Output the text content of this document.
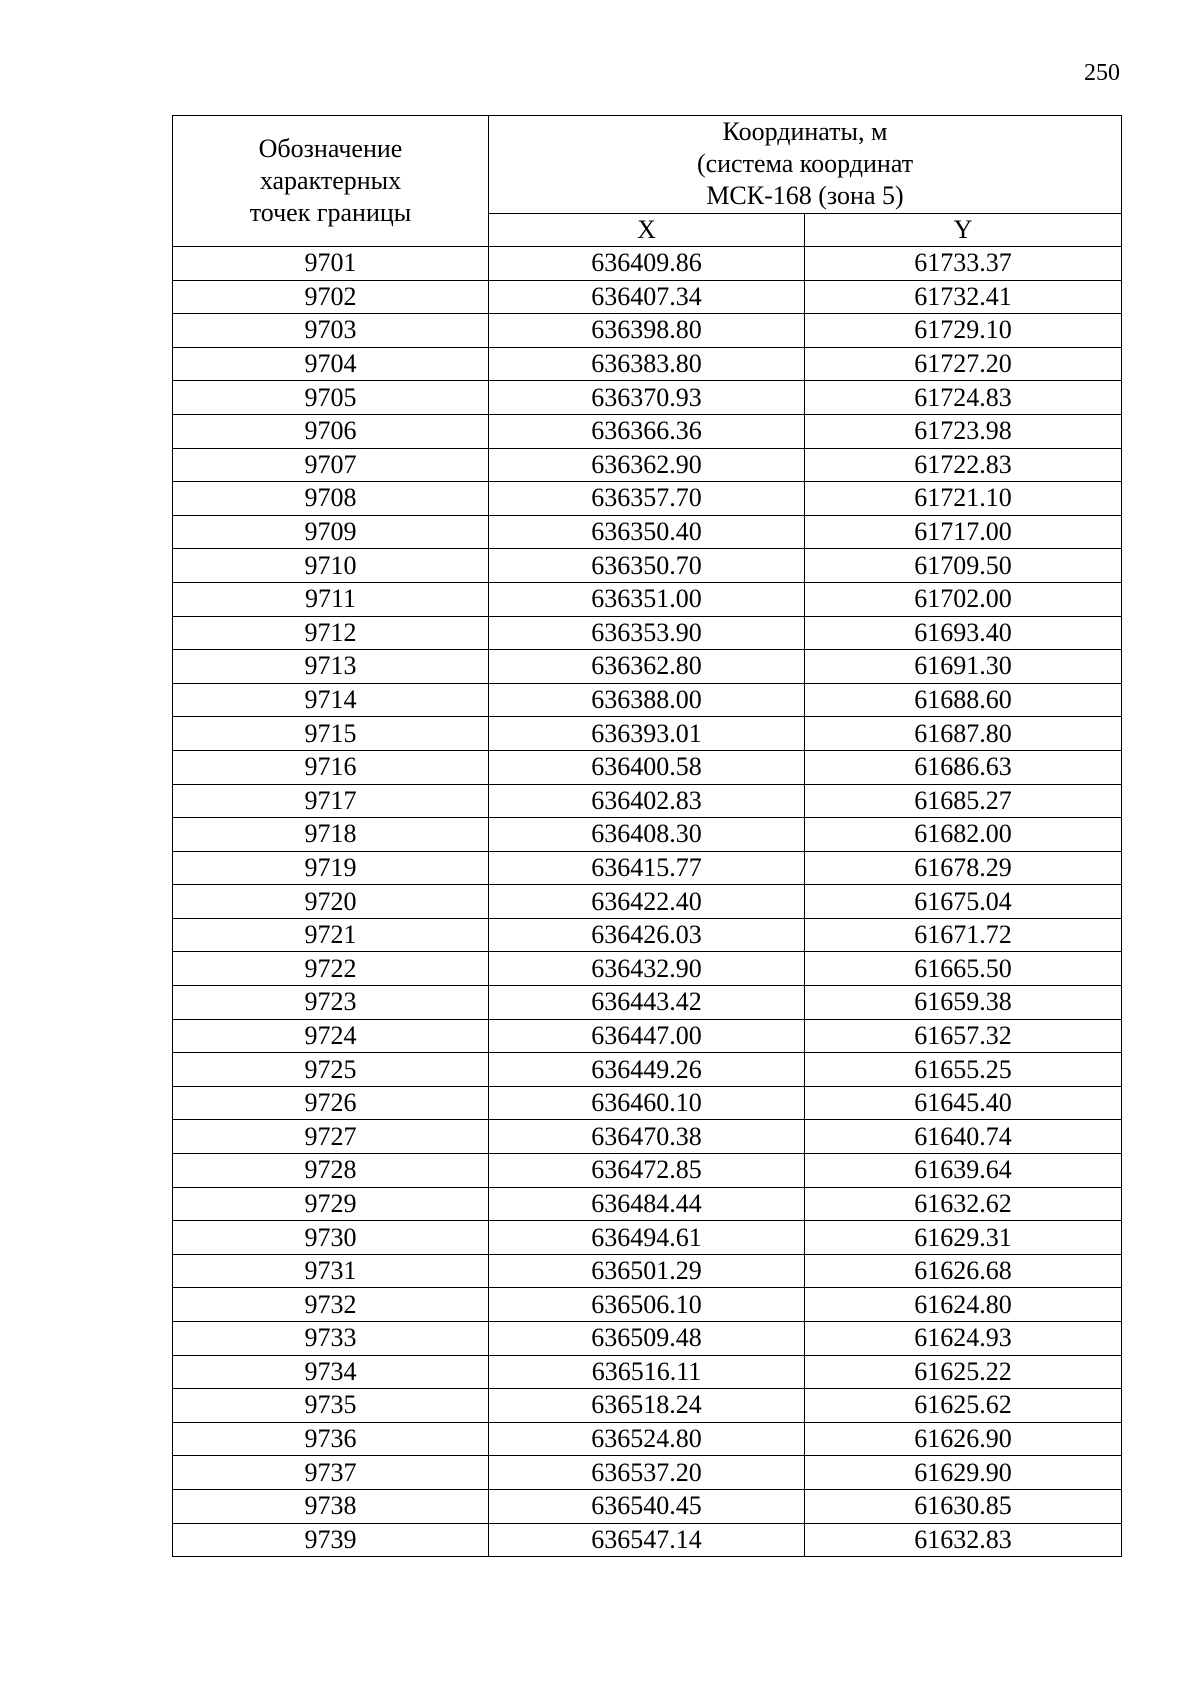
250
Обозначение
характерных
точек границы	Координаты, м
(система координат
МСК-168 (зона 5)	

	X	Y
9701	636409.86	61733.37
9702	636407.34	61732.41
9703	636398.80	61729.10
9704	636383.80	61727.20
9705	636370.93	61724.83
9706	636366.36	61723.98
9707	636362.90	61722.83
9708	636357.70	61721.10
9709	636350.40	61717.00
9710	636350.70	61709.50
9711	636351.00	61702.00
9712	636353.90	61693.40
9713	636362.80	61691.30
9714	636388.00	61688.60
9715	636393.01	61687.80
9716	636400.58	61686.63
9717	636402.83	61685.27
9718	636408.30	61682.00
9719	636415.77	61678.29
9720	636422.40	61675.04
9721	636426.03	61671.72
9722	636432.90	61665.50
9723	636443.42	61659.38
9724	636447.00	61657.32
9725	636449.26	61655.25
9726	636460.10	61645.40
9727	636470.38	61640.74
9728	636472.85	61639.64
9729	636484.44	61632.62
9730	636494.61	61629.31
9731	636501.29	61626.68
9732	636506.10	61624.80
9733	636509.48	61624.93
9734	636516.11	61625.22
9735	636518.24	61625.62
9736	636524.80	61626.90
9737	636537.20	61629.90
9738	636540.45	61630.85
9739	636547.14	61632.83
